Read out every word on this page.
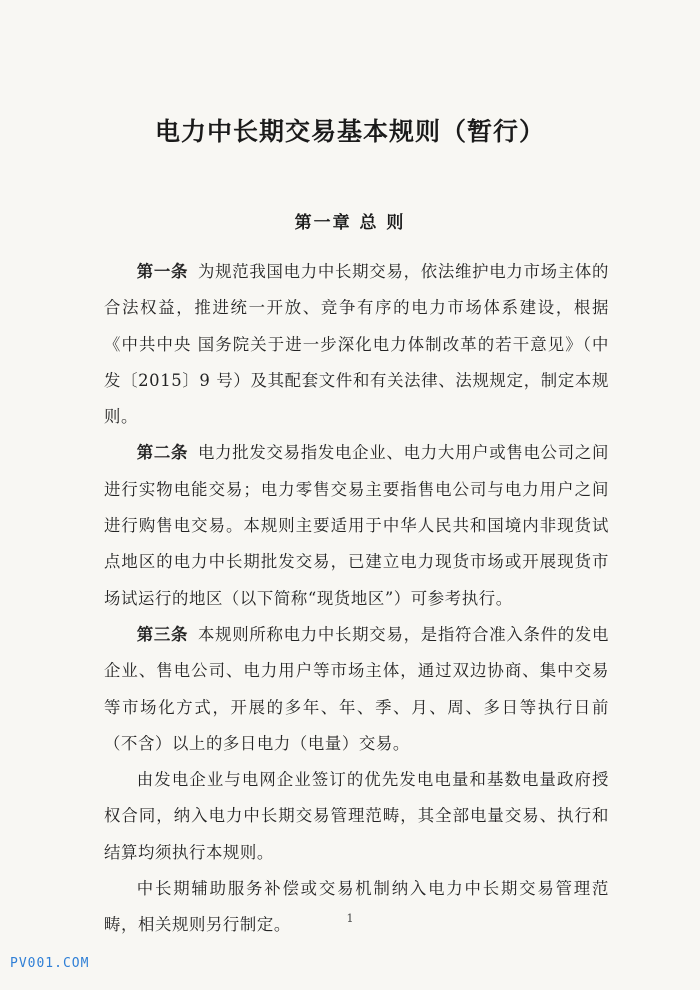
电力中长期交易基本规则（暂行）
第一章 总 则

第一条 为规范我国电力中长期交易，依法维护电力市场主体的合法权益，推进统一开放、竞争有序的电力市场体系建设，根据《中共中央 国务院关于进一步深化电力体制改革的若干意见》（中发〔2015〕9 号）及其配套文件和有关法律、法规规定，制定本规则。

第二条 电力批发交易指发电企业、电力大用户或售电公司之间进行实物电能交易；电力零售交易主要指售电公司与电力用户之间进行购售电交易。本规则主要适用于中华人民共和国境内非现货试点地区的电力中长期批发交易，已建立电力现货市场或开展现货市场试运行的地区（以下简称“现货地区”）可参考执行。

第三条 本规则所称电力中长期交易，是指符合准入条件的发电企业、售电公司、电力用户等市场主体，通过双边协商、集中交易等市场化方式，开展的多年、年、季、月、周、多日等执行日前（不含）以上的多日电力（电量）交易。

由发电企业与电网企业签订的优先发电电量和基数电量政府授权合同，纳入电力中长期交易管理范畴，其全部电量交易、执行和结算均须执行本规则。

中长期辅助服务补偿或交易机制纳入电力中长期交易管理范畴，相关规则另行制定。	1
PV001.COM
